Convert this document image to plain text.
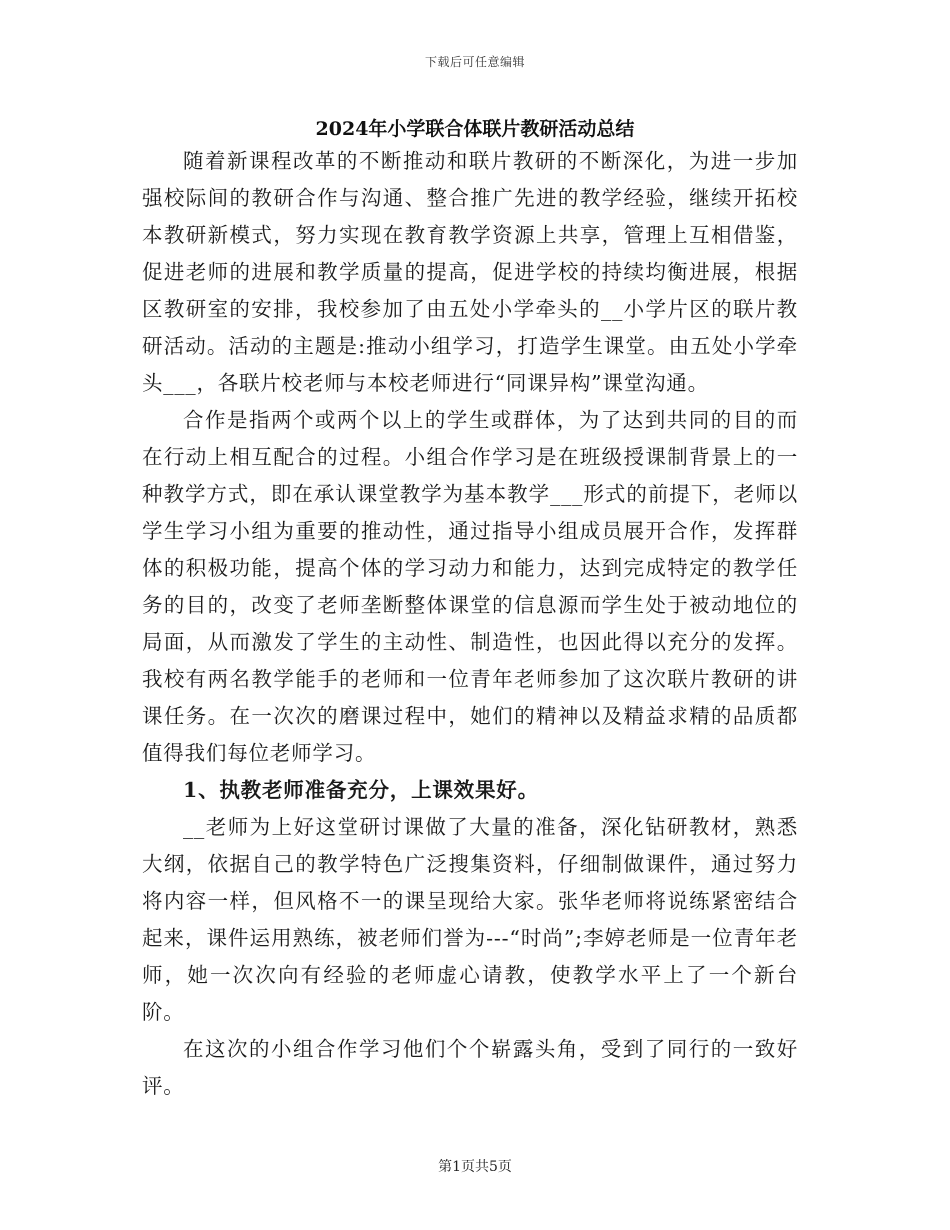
下载后可任意编辑
2024年小学联合体联片教研活动总结

随着新课程改革的不断推动和联片教研的不断深化，为进一步加强校际间的教研合作与沟通、整合推广先进的教学经验，继续开拓校本教研新模式，努力实现在教育教学资源上共享，管理上互相借鉴，促进老师的进展和教学质量的提高，促进学校的持续均衡进展，根据区教研室的安排，我校参加了由五处小学牵头的__小学片区的联片教研活动。活动的主题是:推动小组学习，打造学生课堂。由五处小学牵头___，各联片校老师与本校老师进行“同课异构”课堂沟通。

合作是指两个或两个以上的学生或群体，为了达到共同的目的而在行动上相互配合的过程。小组合作学习是在班级授课制背景上的一种教学方式，即在承认课堂教学为基本教学___形式的前提下，老师以学生学习小组为重要的推动性，通过指导小组成员展开合作，发挥群体的积极功能，提高个体的学习动力和能力，达到完成特定的教学任务的目的，改变了老师垄断整体课堂的信息源而学生处于被动地位的局面，从而激发了学生的主动性、制造性，也因此得以充分的发挥。我校有两名教学能手的老师和一位青年老师参加了这次联片教研的讲课任务。在一次次的磨课过程中，她们的精神以及精益求精的品质都值得我们每位老师学习。

1、执教老师准备充分，上课效果好。

__老师为上好这堂研讨课做了大量的准备，深化钻研教材，熟悉大纲，依据自己的教学特色广泛搜集资料，仔细制做课件，通过努力将内容一样，但风格不一的课呈现给大家。张华老师将说练紧密结合起来，课件运用熟练，被老师们誉为---“时尚”;李婷老师是一位青年老师，她一次次向有经验的老师虚心请教，使教学水平上了一个新台阶。

在这次的小组合作学习他们个个崭露头角，受到了同行的一致好评。

第1页共5页
